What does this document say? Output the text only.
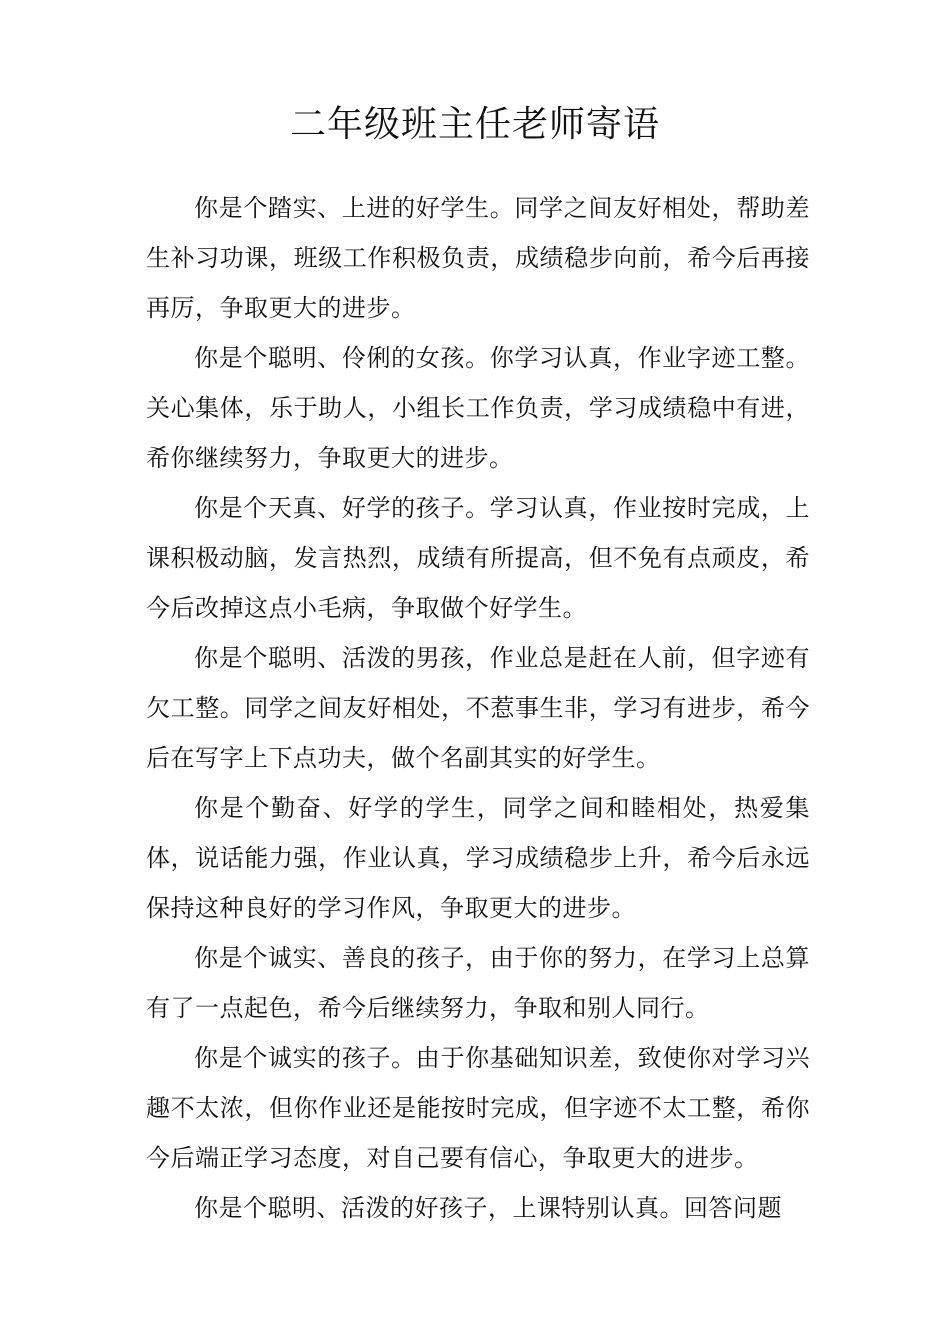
二年级班主任老师寄语

你是个踏实、上进的好学生。同学之间友好相处，帮助差生补习功课，班级工作积极负责，成绩稳步向前，希今后再接再厉，争取更大的进步。

你是个聪明、伶俐的女孩。你学习认真，作业字迹工整。关心集体，乐于助人，小组长工作负责，学习成绩稳中有进，希你继续努力，争取更大的进步。

你是个天真、好学的孩子。学习认真，作业按时完成，上课积极动脑，发言热烈，成绩有所提高，但不免有点顽皮，希今后改掉这点小毛病，争取做个好学生。

你是个聪明、活泼的男孩，作业总是赶在人前，但字迹有欠工整。同学之间友好相处，不惹事生非，学习有进步，希今后在写字上下点功夫，做个名副其实的好学生。

你是个勤奋、好学的学生，同学之间和睦相处，热爱集体，说话能力强，作业认真，学习成绩稳步上升，希今后永远保持这种良好的学习作风，争取更大的进步。

你是个诚实、善良的孩子，由于你的努力，在学习上总算有了一点起色，希今后继续努力，争取和别人同行。

你是个诚实的孩子。由于你基础知识差，致使你对学习兴趣不太浓，但你作业还是能按时完成，但字迹不太工整，希你今后端正学习态度，对自己要有信心，争取更大的进步。

你是个聪明、活泼的好孩子，上课特别认真。回答问题
